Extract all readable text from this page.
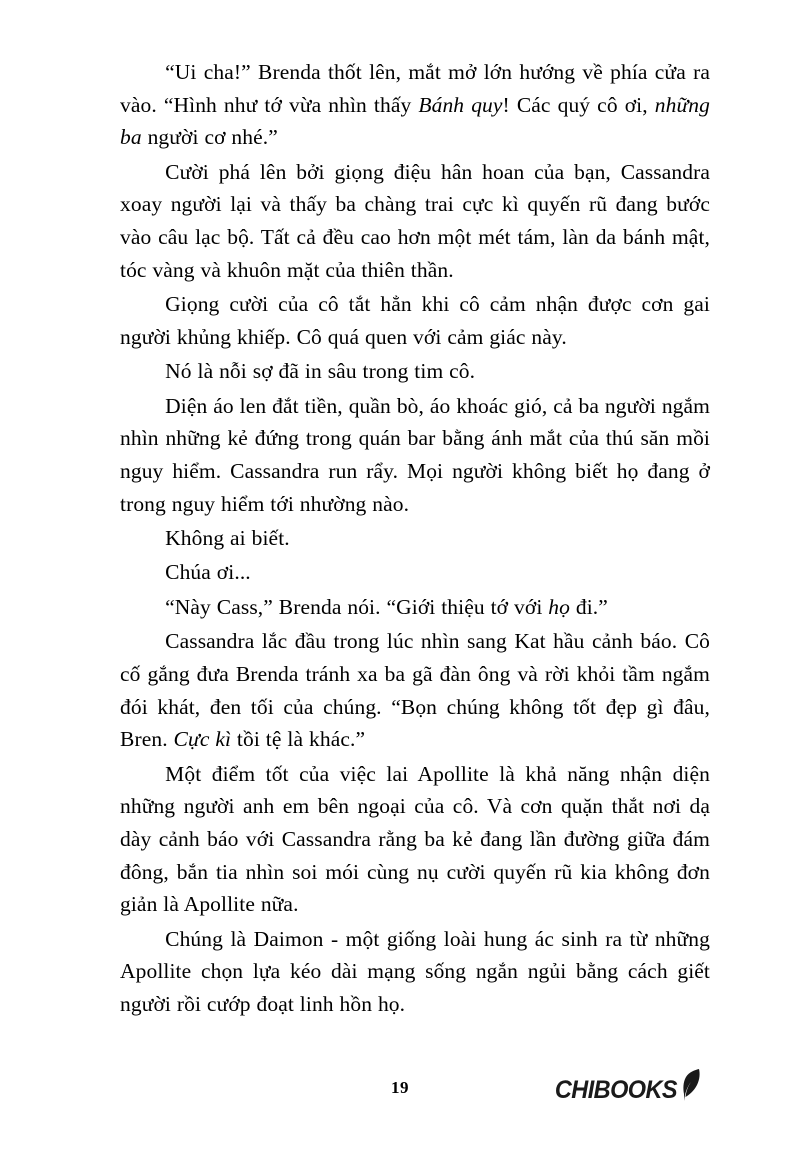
“Ui cha!” Brenda thốt lên, mắt mở lớn hướng về phía cửa ra vào. “Hình như tớ vừa nhìn thấy Bánh quy! Các quý cô ơi, những ba người cơ nhé.”

Cười phá lên bởi giọng điệu hân hoan của bạn, Cassandra xoay người lại và thấy ba chàng trai cực kì quyến rũ đang bước vào câu lạc bộ. Tất cả đều cao hơn một mét tám, làn da bánh mật, tóc vàng và khuôn mặt của thiên thần.

Giọng cười của cô tắt hẳn khi cô cảm nhận được cơn gai người khủng khiếp. Cô quá quen với cảm giác này.

Nó là nỗi sợ đã in sâu trong tim cô.

Diện áo len đắt tiền, quần bò, áo khoác gió, cả ba người ngắm nhìn những kẻ đứng trong quán bar bằng ánh mắt của thú săn mồi nguy hiểm. Cassandra run rẩy. Mọi người không biết họ đang ở trong nguy hiểm tới nhường nào.

Không ai biết.

Chúa ơi...

“Này Cass,” Brenda nói. “Giới thiệu tớ với họ đi.”

Cassandra lắc đầu trong lúc nhìn sang Kat hầu cảnh báo. Cô cố gắng đưa Brenda tránh xa ba gã đàn ông và rời khỏi tầm ngắm đói khát, đen tối của chúng. “Bọn chúng không tốt đẹp gì đâu, Bren. Cực kì tồi tệ là khác.”

Một điểm tốt của việc lai Apollite là khả năng nhận diện những người anh em bên ngoại của cô. Và cơn quặn thắt nơi dạ dày cảnh báo với Cassandra rằng ba kẻ đang lần đường giữa đám đông, bắn tia nhìn soi mói cùng nụ cười quyến rũ kia không đơn giản là Apollite nữa.

Chúng là Daimon - một giống loài hung ác sinh ra từ những Apollite chọn lựa kéo dài mạng sống ngắn ngủi bằng cách giết người rồi cướp đoạt linh hồn họ.

19	CHIBOOKS
